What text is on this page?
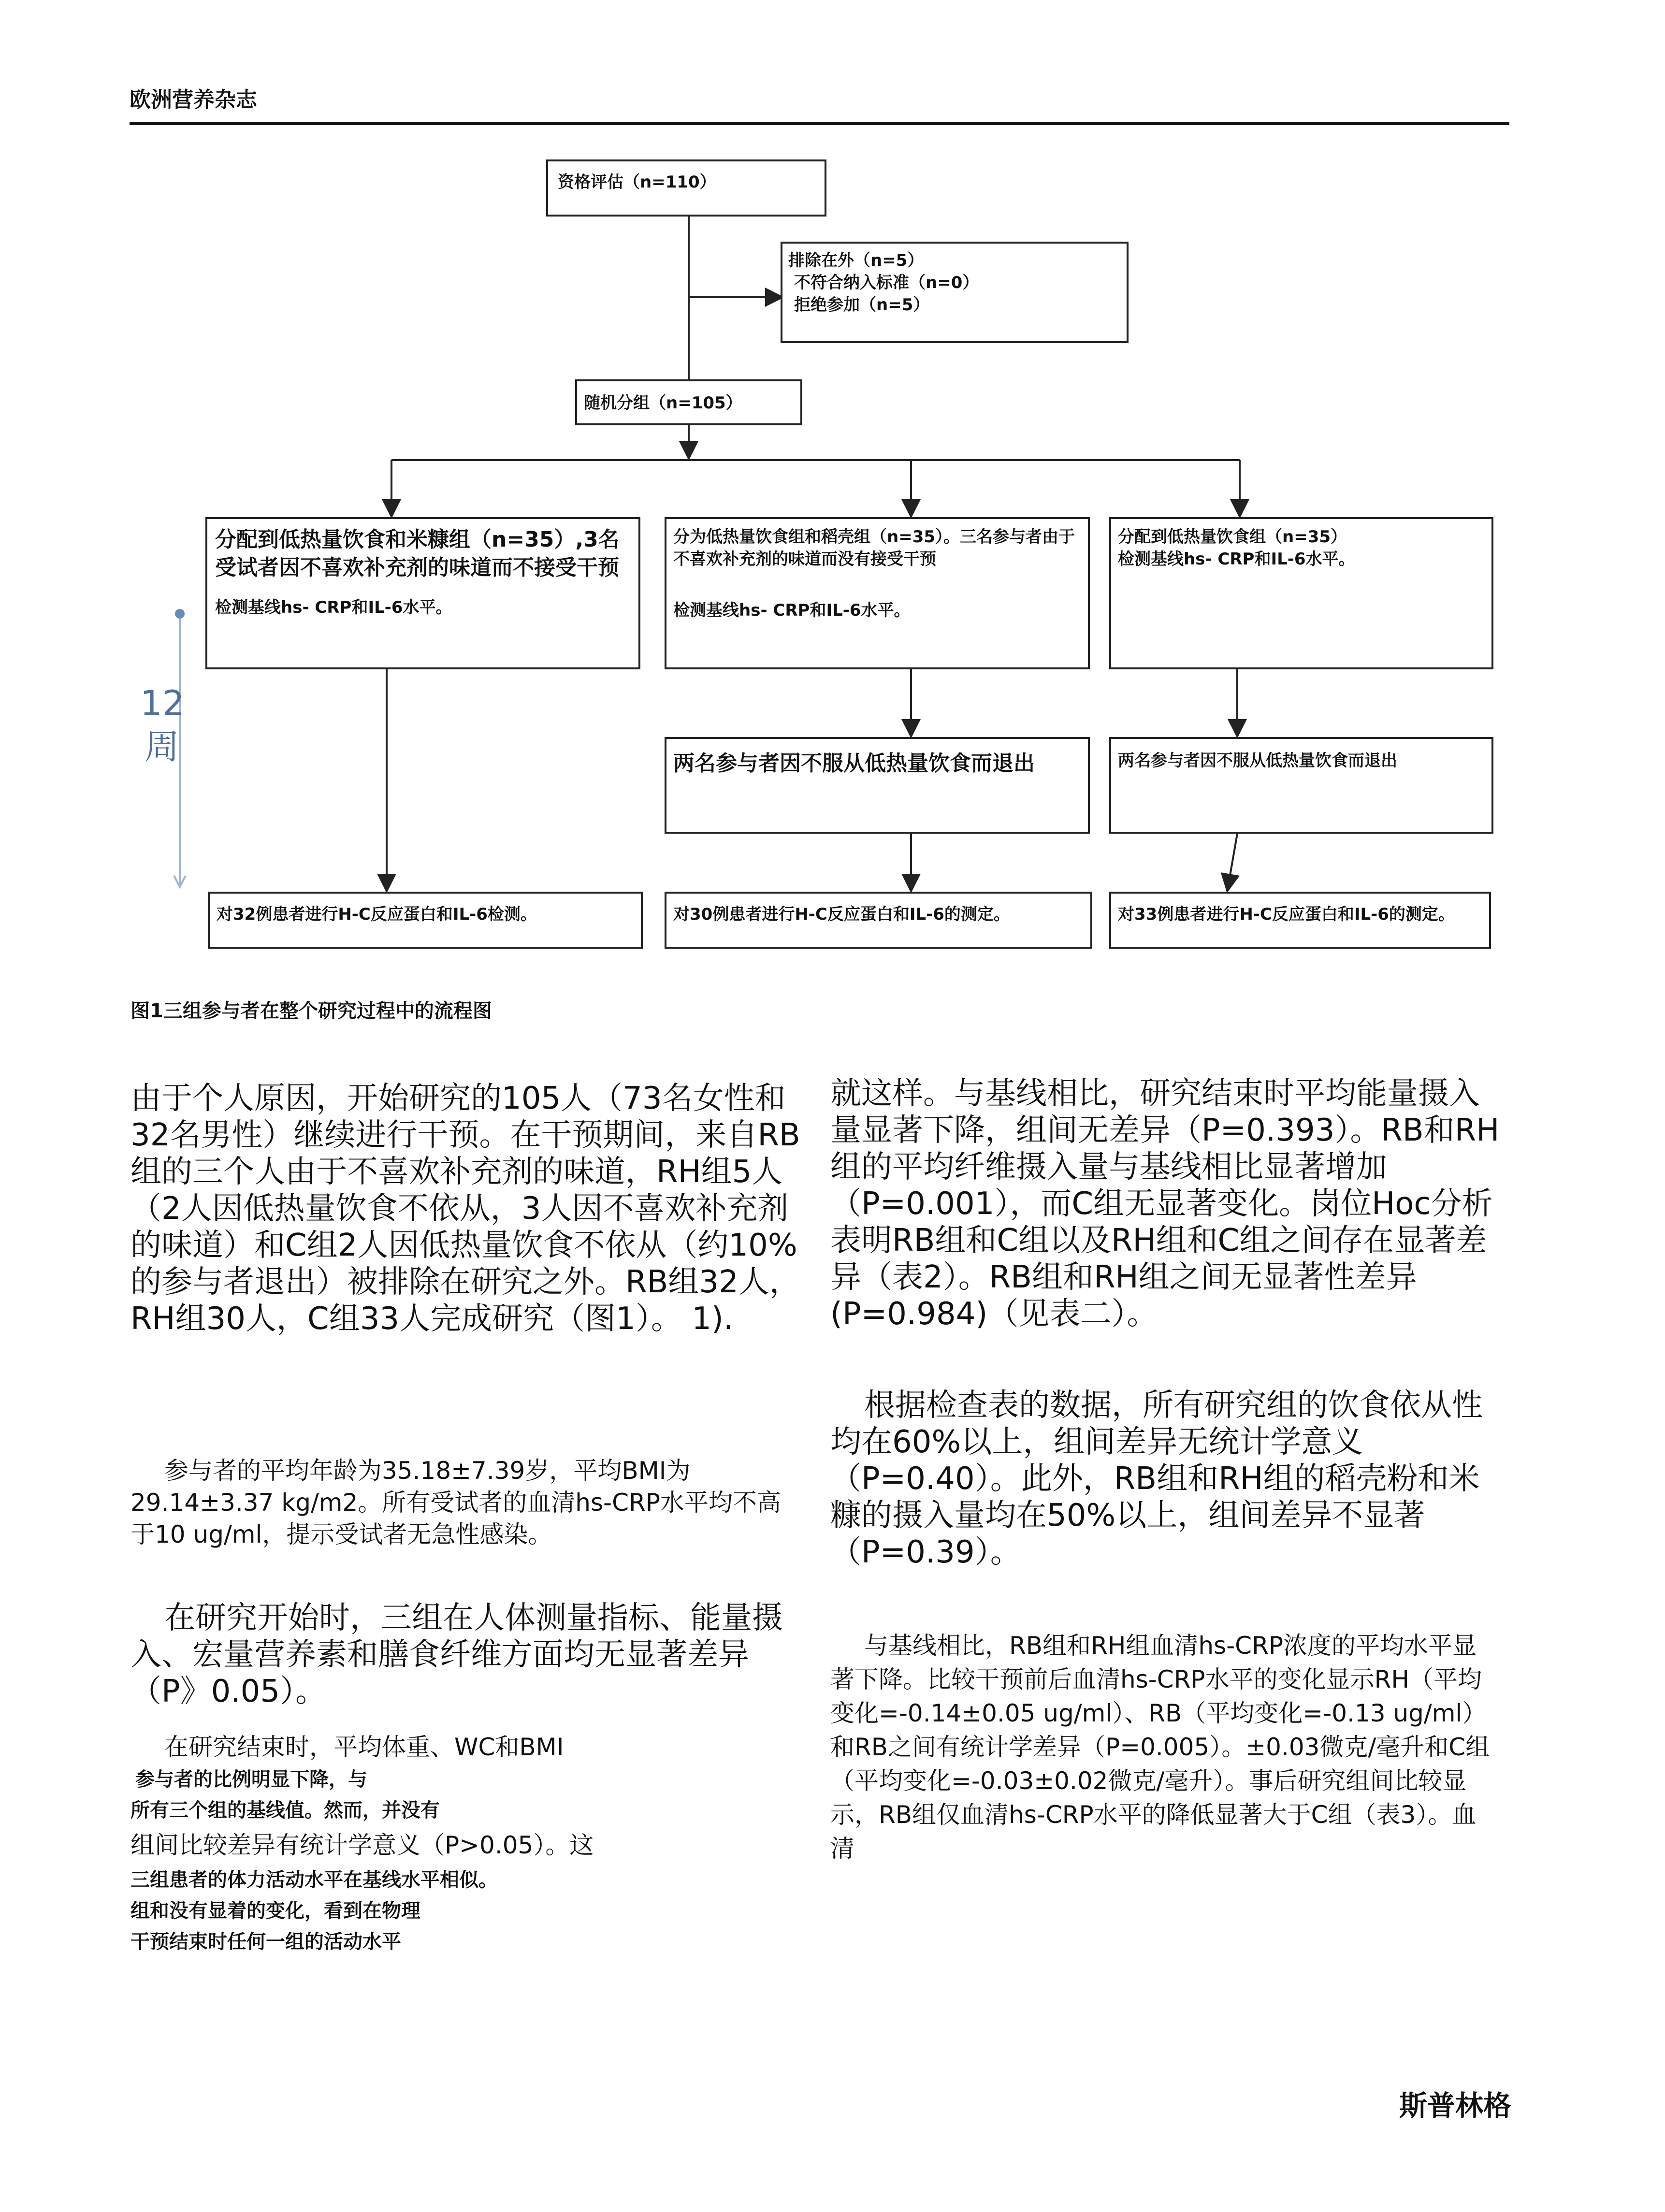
欧洲营养杂志
12周
资格评估（n=110）
排除在外（n=5）
不符合纳入标准（n=0）
拒绝参加（n=5）
随机分组（n=105）
分配到低热量饮食和米糠组（n=35）,3名受试者因不喜欢补充剂的味道而不接受干预
检测基线hs- CRP和IL-6水平。
对32例患者进行H-C反应蛋白和IL-6检测。
分为低热量饮食组和稻壳组（n=35）。三名参与者由于不喜欢补充剂的味道而没有接受干预
检测基线hs- CRP和IL-6水平。
两名参与者因不服从低热量饮食而退出
对30例患者进行H-C反应蛋白和IL-6的测定。
分配到低热量饮食组（n=35）
检测基线hs- CRP和IL-6水平。
两名参与者因不服从低热量饮食而退出
对33例患者进行H-C反应蛋白和IL-6的测定。
图1三组参与者在整个研究过程中的流程图
由于个人原因，开始研究的105人（73名女性和32名男性）继续进行干预。在干预期间，来自RB组的三个人由于不喜欢补充剂的味道，RH组5人（2人因低热量饮食不依从，3人因不喜欢补充剂的味道）和C组2人因低热量饮食不依从（约10%的参与者退出）被排除在研究之外。RB组32人，RH组30人，C组33人完成研究（图1）。 1).
参与者的平均年龄为35.18±7.39岁，平均BMI为29.14±3.37 kg/m2。所有受试者的血清hs-CRP水平均不高于10 ug/ml，提示受试者无急性感染。
在研究开始时，三组在人体测量指标、能量摄入、宏量营养素和膳食纤维方面均无显著差异（P》0.05）。
在研究结束时，平均体重、WC和BMI
参与者的比例明显下降，与
所有三个组的基线值。然而，并没有
组间比较差异有统计学意义（P>0.05）。这
三组患者的体力活动水平在基线水平相似。
组和没有显着的变化，看到在物理
干预结束时任何一组的活动水平
就这样。与基线相比，研究结束时平均能量摄入量显著下降，组间无差异（P=0.393）。RB和RH组的平均纤维摄入量与基线相比显著增加（P=0.001），而C组无显著变化。岗位Hoc分析表明RB组和C组以及RH组和C组之间存在显著差异（表2）。RB组和RH组之间无显著性差异(P=0.984)（见表二）。
根据检查表的数据，所有研究组的饮食依从性均在60%以上，组间差异无统计学意义（P=0.40）。此外，RB组和RH组的稻壳粉和米糠的摄入量均在50%以上，组间差异不显著（P=0.39）。
与基线相比，RB组和RH组血清hs-CRP浓度的平均水平显著下降。比较干预前后血清hs-CRP水平的变化显示RH（平均变化=-0.14±0.05 ug/ml）、RB（平均变化=-0.13 ug/ml）和RB之间有统计学差异（P=0.005）。±0.03微克/毫升和C组（平均变化=-0.03±0.02微克/毫升）。事后研究组间比较显示，RB组仅血清hs-CRP水平的降低显著大于C组（表3）。血清
斯普林格
